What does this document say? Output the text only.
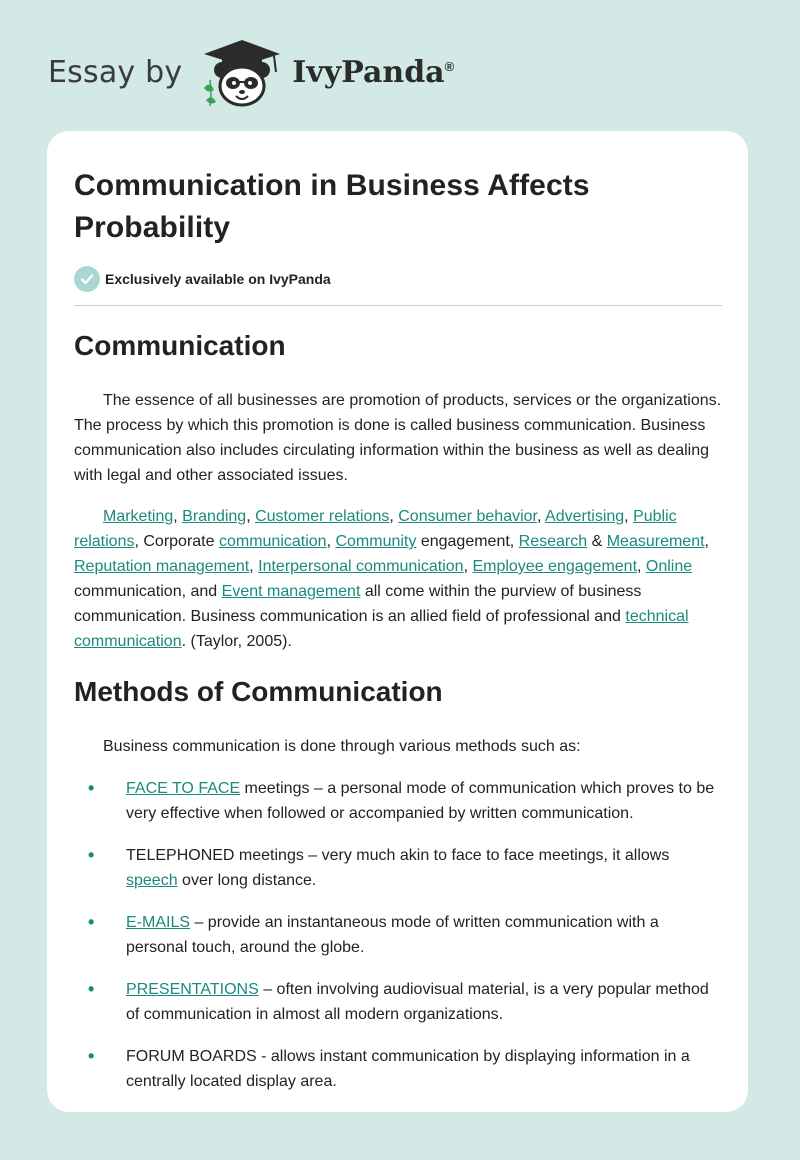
Essay by	IvyPanda®
Communication in Business Affects Probability
Exclusively available on IvyPanda
Communication

The essence of all businesses are promotion of products, services or the organizations. The process by which this promotion is done is called business communication. Business communication also includes circulating information within the business as well as dealing with legal and other associated issues.

Marketing, Branding, Customer relations, Consumer behavior, Advertising, Public relations, Corporate communication, Community engagement, Research & Measurement, Reputation management, Interpersonal communication, Employee engagement, Online communication, and Event management all come within the purview of business communication. Business communication is an allied field of professional and technical communication. (Taylor, 2005).

Methods of Communication

Business communication is done through various methods such as:

• FACE TO FACE meetings – a personal mode of communication which proves to be very effective when followed or accompanied by written communication.
• TELEPHONED meetings – very much akin to face to face meetings, it allows speech over long distance.
• E-MAILS – provide an instantaneous mode of written communication with a personal touch, around the globe.
• PRESENTATIONS – often involving audiovisual material, is a very popular method of communication in almost all modern organizations.
• FORUM BOARDS - allows instant communication by displaying information in a centrally located display area.
